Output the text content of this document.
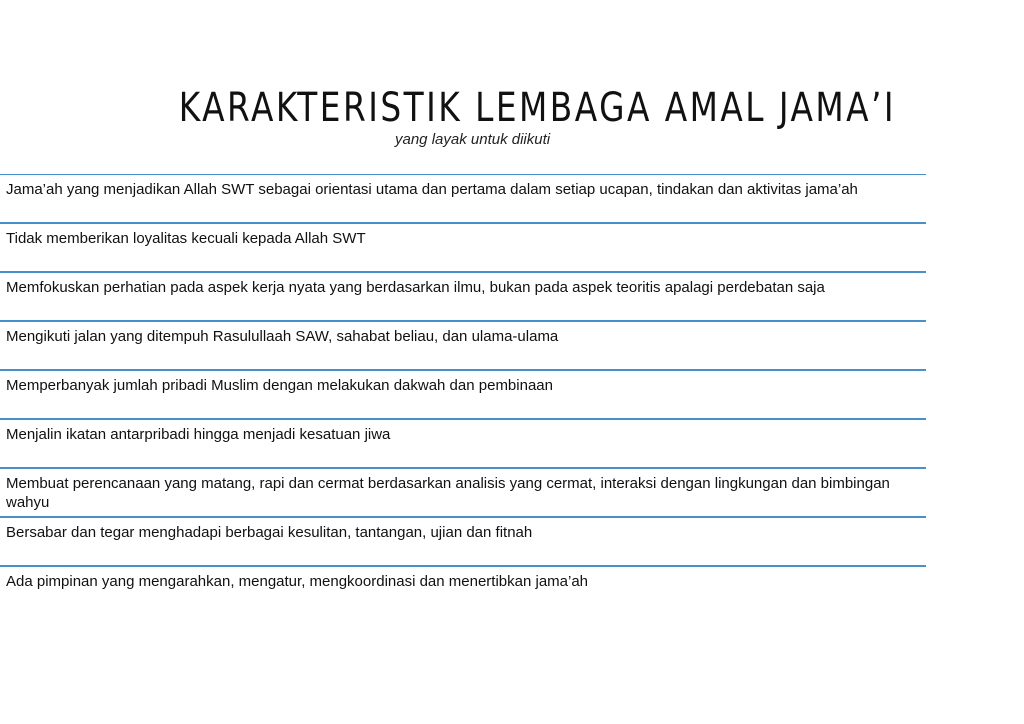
KARAKTERISTIK LEMBAGA AMAL JAMA’I
yang layak untuk diikuti
Jama’ah yang menjadikan Allah SWT sebagai orientasi utama dan pertama dalam setiap ucapan, tindakan dan aktivitas jama’ah
Tidak memberikan loyalitas kecuali kepada Allah SWT
Memfokuskan perhatian pada aspek kerja nyata yang berdasarkan ilmu, bukan pada aspek teoritis apalagi perdebatan saja
Mengikuti jalan yang ditempuh Rasulullaah SAW, sahabat beliau, dan ulama-ulama
Memperbanyak jumlah pribadi Muslim dengan melakukan dakwah dan pembinaan
Menjalin ikatan antarpribadi hingga menjadi kesatuan jiwa
Membuat perencanaan yang matang, rapi dan cermat berdasarkan analisis yang cermat, interaksi dengan lingkungan dan bimbingan wahyu
Bersabar dan tegar menghadapi berbagai kesulitan, tantangan, ujian dan fitnah
Ada pimpinan yang mengarahkan, mengatur, mengkoordinasi dan menertibkan jama’ah
